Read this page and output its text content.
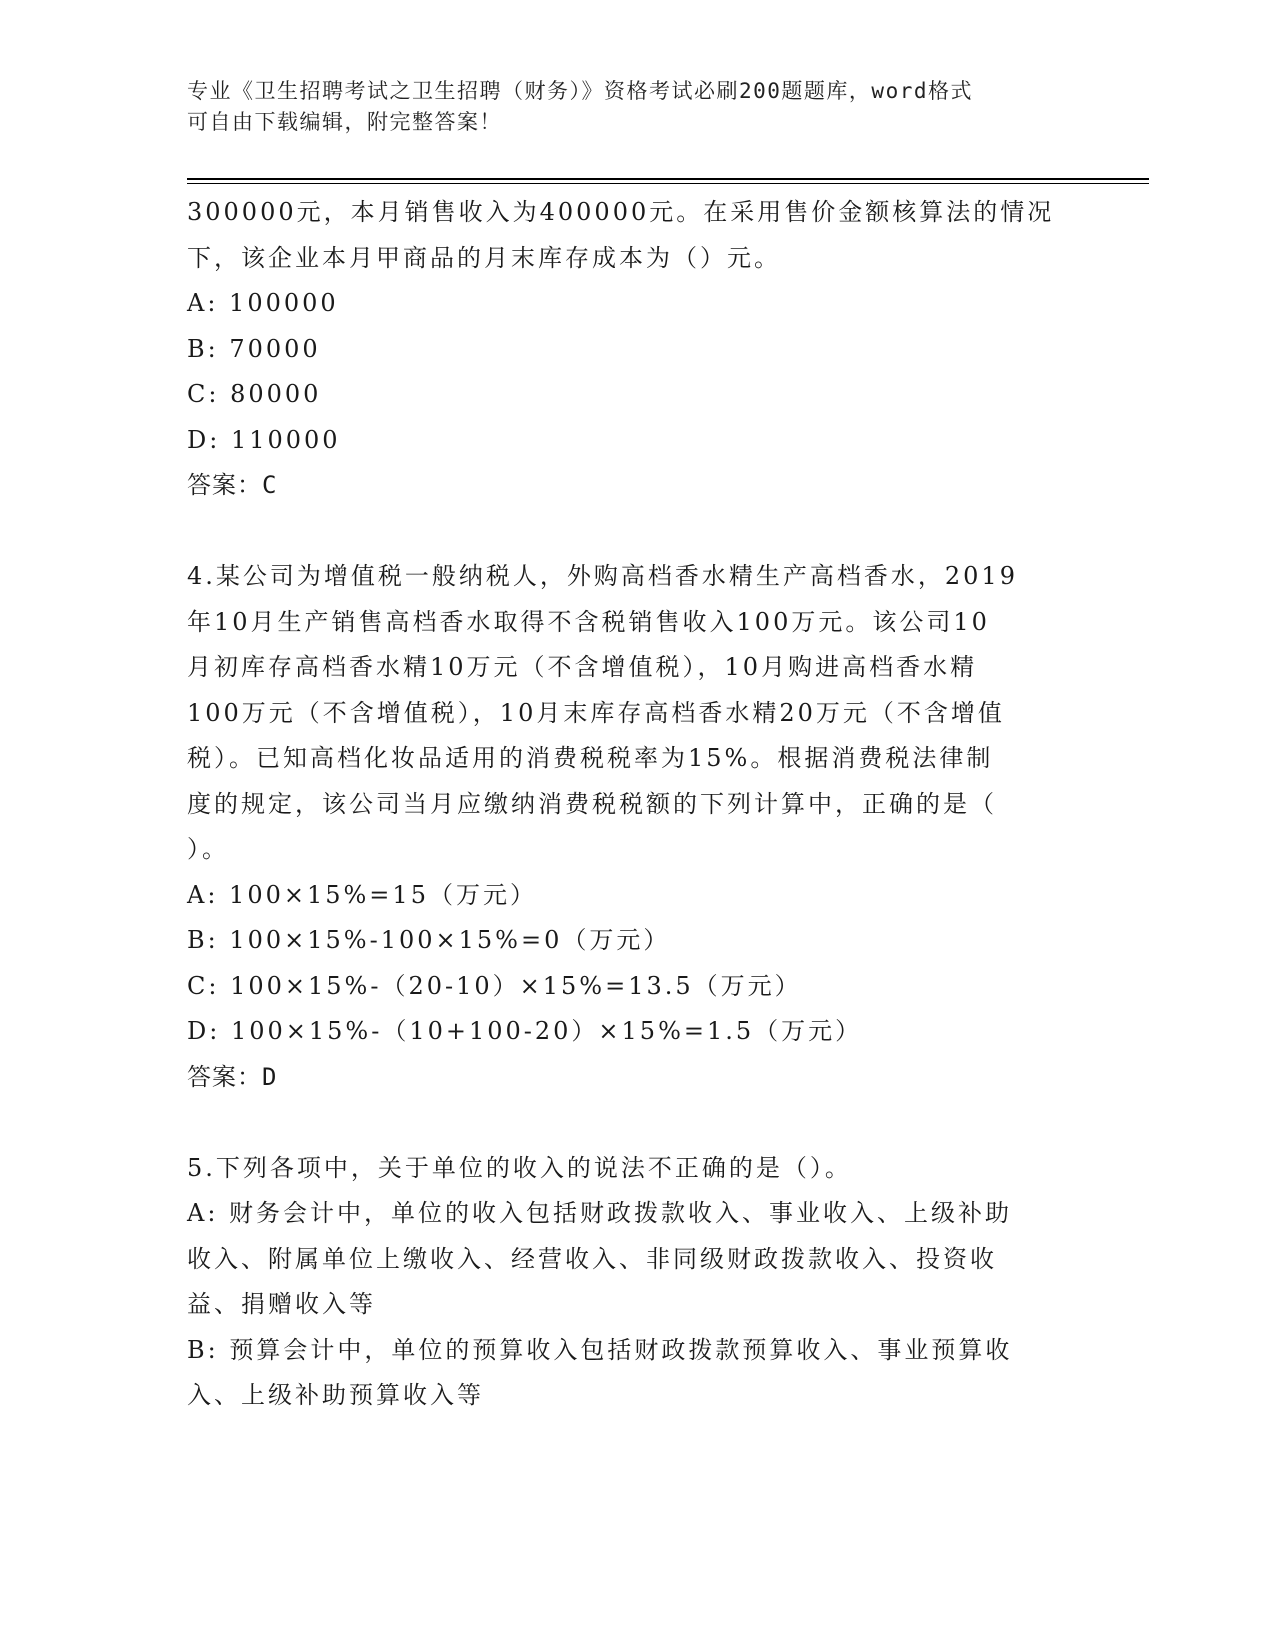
专业《卫生招聘考试之卫生招聘（财务）》资格考试必刷200题题库，word格式
可自由下载编辑，附完整答案！
300000元，本月销售收入为400000元。在采用售价金额核算法的情况
下，该企业本月甲商品的月末库存成本为（）元。
A: 100000
B: 70000
C: 80000
D: 110000
答案：C
4.某公司为增值税一般纳税人，外购高档香水精生产高档香水，2019
年10月生产销售高档香水取得不含税销售收入100万元。该公司10
月初库存高档香水精10万元（不含增值税），10月购进高档香水精
100万元（不含增值税），10月末库存高档香水精20万元（不含增值
税）。已知高档化妆品适用的消费税税率为15%。根据消费税法律制
度的规定，该公司当月应缴纳消费税税额的下列计算中，正确的是（
）。
A: 100×15%=15（万元）
B: 100×15%-100×15%=0（万元）
C: 100×15%-（20-10）×15%=13.5（万元）
D: 100×15%-（10+100-20）×15%=1.5（万元）
答案：D
5.下列各项中，关于单位的收入的说法不正确的是（）。
A: 财务会计中，单位的收入包括财政拨款收入、事业收入、上级补助
收入、附属单位上缴收入、经营收入、非同级财政拨款收入、投资收
益、捐赠收入等
B: 预算会计中，单位的预算收入包括财政拨款预算收入、事业预算收
入、上级补助预算收入等
